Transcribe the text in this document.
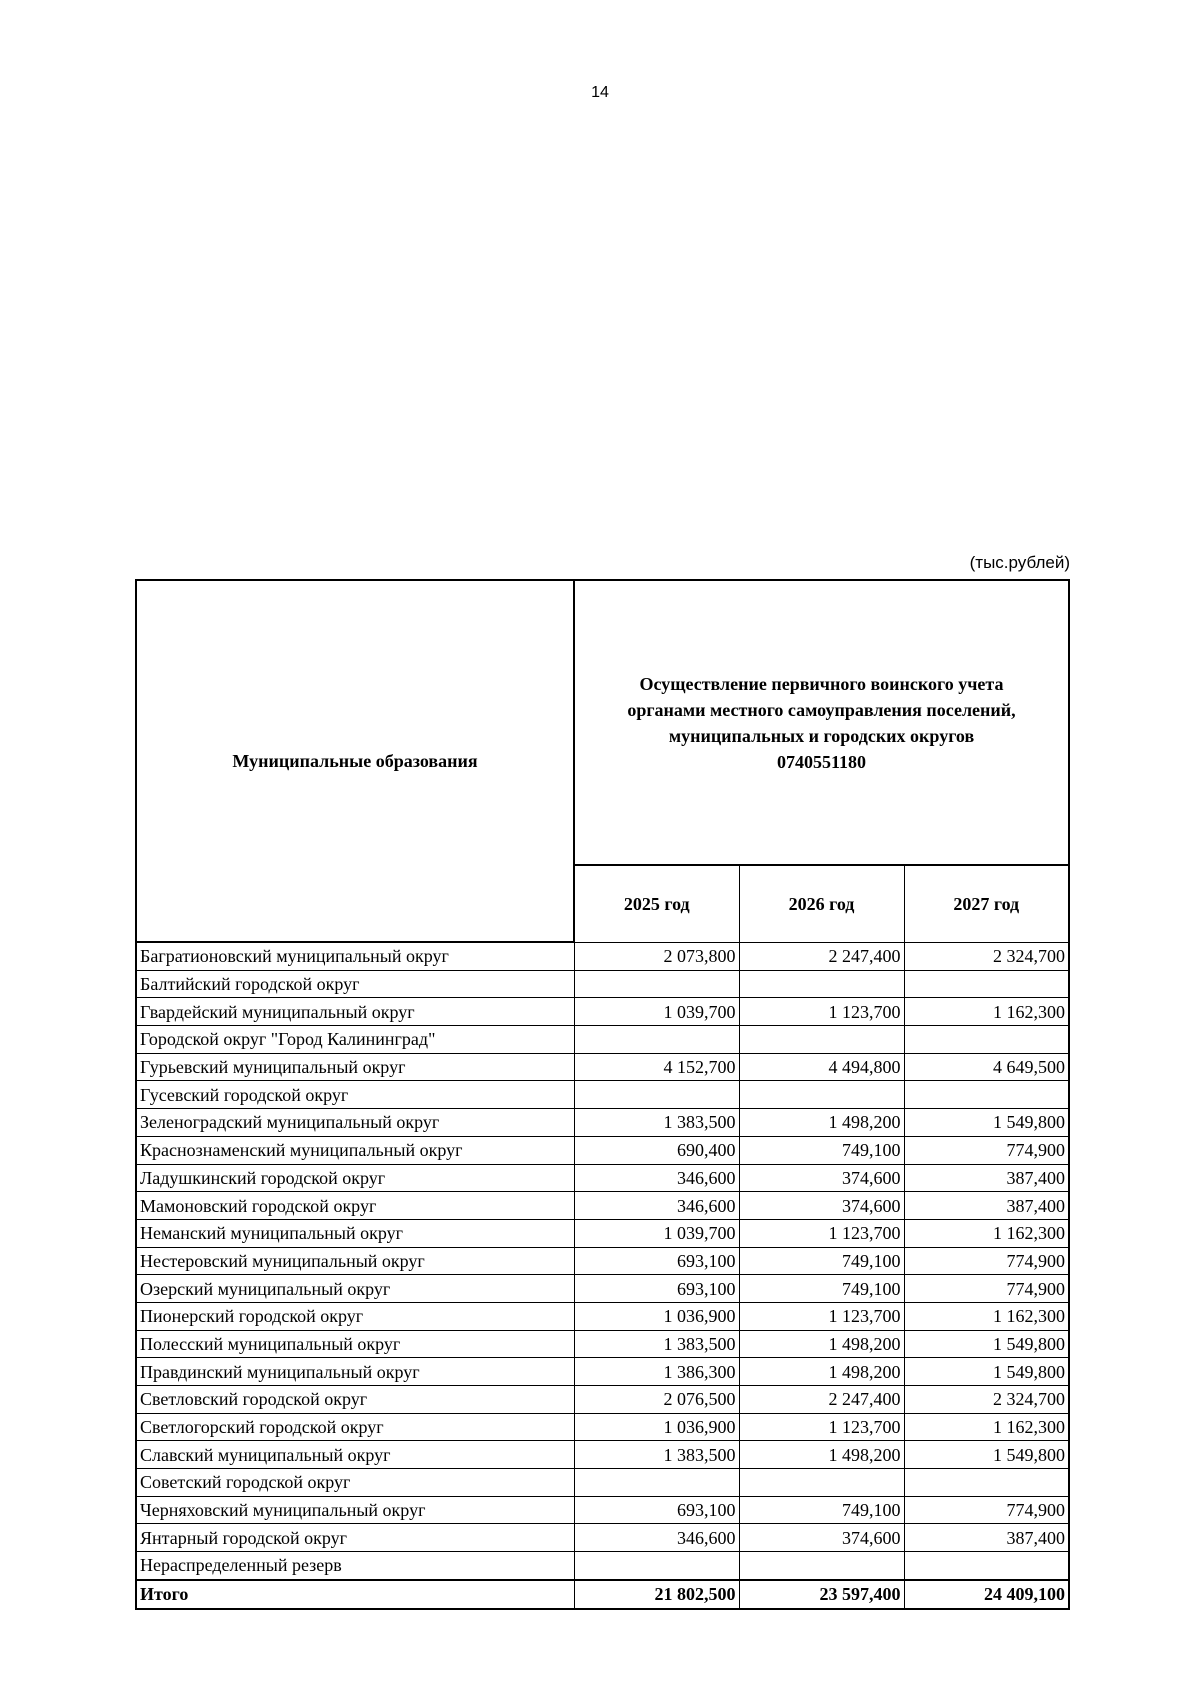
14
(тыс.рублей)
Муниципальные образования	Осуществление первичного воинского учета
органами местного самоуправления поселений,
муниципальных и городских округов
0740551180		

	2025 год	2026 год	2027 год
Багратионовский муниципальный округ	2 073,800	2 247,400	2 324,700
Балтийский городской округ			
Гвардейский муниципальный округ	1 039,700	1 123,700	1 162,300
Городской округ "Город Калининград"			
Гурьевский муниципальный округ	4 152,700	4 494,800	4 649,500
Гусевский городской округ			
Зеленоградский муниципальный округ	1 383,500	1 498,200	1 549,800
Краснознаменский муниципальный округ	690,400	749,100	774,900
Ладушкинский городской округ	346,600	374,600	387,400
Мамоновский городской округ	346,600	374,600	387,400
Неманский муниципальный округ	1 039,700	1 123,700	1 162,300
Нестеровский муниципальный округ	693,100	749,100	774,900
Озерский муниципальный округ	693,100	749,100	774,900
Пионерский городской округ	1 036,900	1 123,700	1 162,300
Полесский муниципальный округ	1 383,500	1 498,200	1 549,800
Правдинский муниципальный округ	1 386,300	1 498,200	1 549,800
Светловский городской округ	2 076,500	2 247,400	2 324,700
Светлогорский городской округ	1 036,900	1 123,700	1 162,300
Славский муниципальный округ	1 383,500	1 498,200	1 549,800
Советский городской округ			
Черняховский муниципальный округ	693,100	749,100	774,900
Янтарный городской округ	346,600	374,600	387,400
Нераспределенный резерв			
Итого	21 802,500	23 597,400	24 409,100
